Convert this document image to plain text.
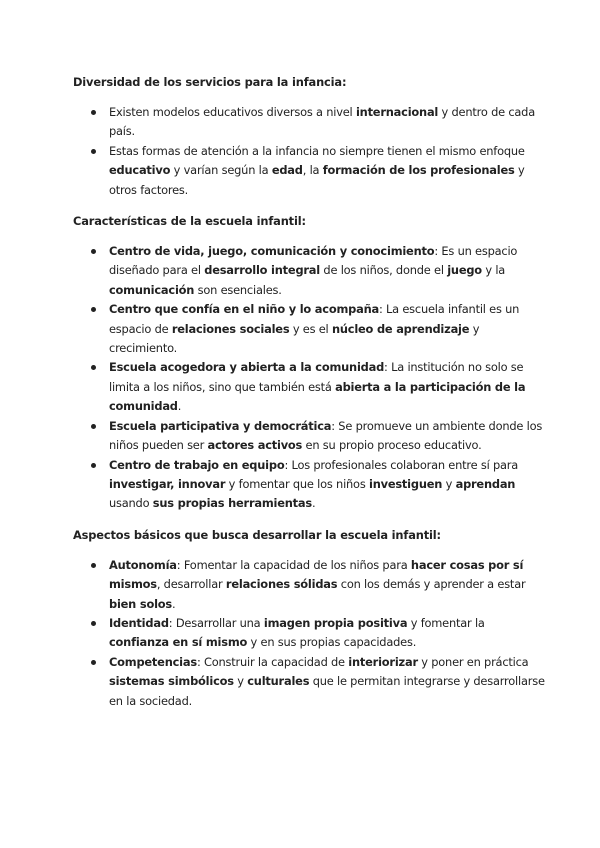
Diversidad de los servicios para la infancia:
Existen modelos educativos diversos a nivel internacional y dentro de cada país.
Estas formas de atención a la infancia no siempre tienen el mismo enfoque educativo y varían según la edad, la formación de los profesionales y otros factores.
Características de la escuela infantil:
Centro de vida, juego, comunicación y conocimiento: Es un espacio diseñado para el desarrollo integral de los niños, donde el juego y la comunicación son esenciales.
Centro que confía en el niño y lo acompaña: La escuela infantil es un espacio de relaciones sociales y es el núcleo de aprendizaje y crecimiento.
Escuela acogedora y abierta a la comunidad: La institución no solo se limita a los niños, sino que también está abierta a la participación de la comunidad.
Escuela participativa y democrática: Se promueve un ambiente donde los niños pueden ser actores activos en su propio proceso educativo.
Centro de trabajo en equipo: Los profesionales colaboran entre sí para investigar, innovar y fomentar que los niños investiguen y aprendan usando sus propias herramientas.
Aspectos básicos que busca desarrollar la escuela infantil:
Autonomía: Fomentar la capacidad de los niños para hacer cosas por sí mismos, desarrollar relaciones sólidas con los demás y aprender a estar bien solos.
Identidad: Desarrollar una imagen propia positiva y fomentar la confianza en sí mismo y en sus propias capacidades.
Competencias: Construir la capacidad de interiorizar y poner en práctica sistemas simbólicos y culturales que le permitan integrarse y desarrollarse en la sociedad.
